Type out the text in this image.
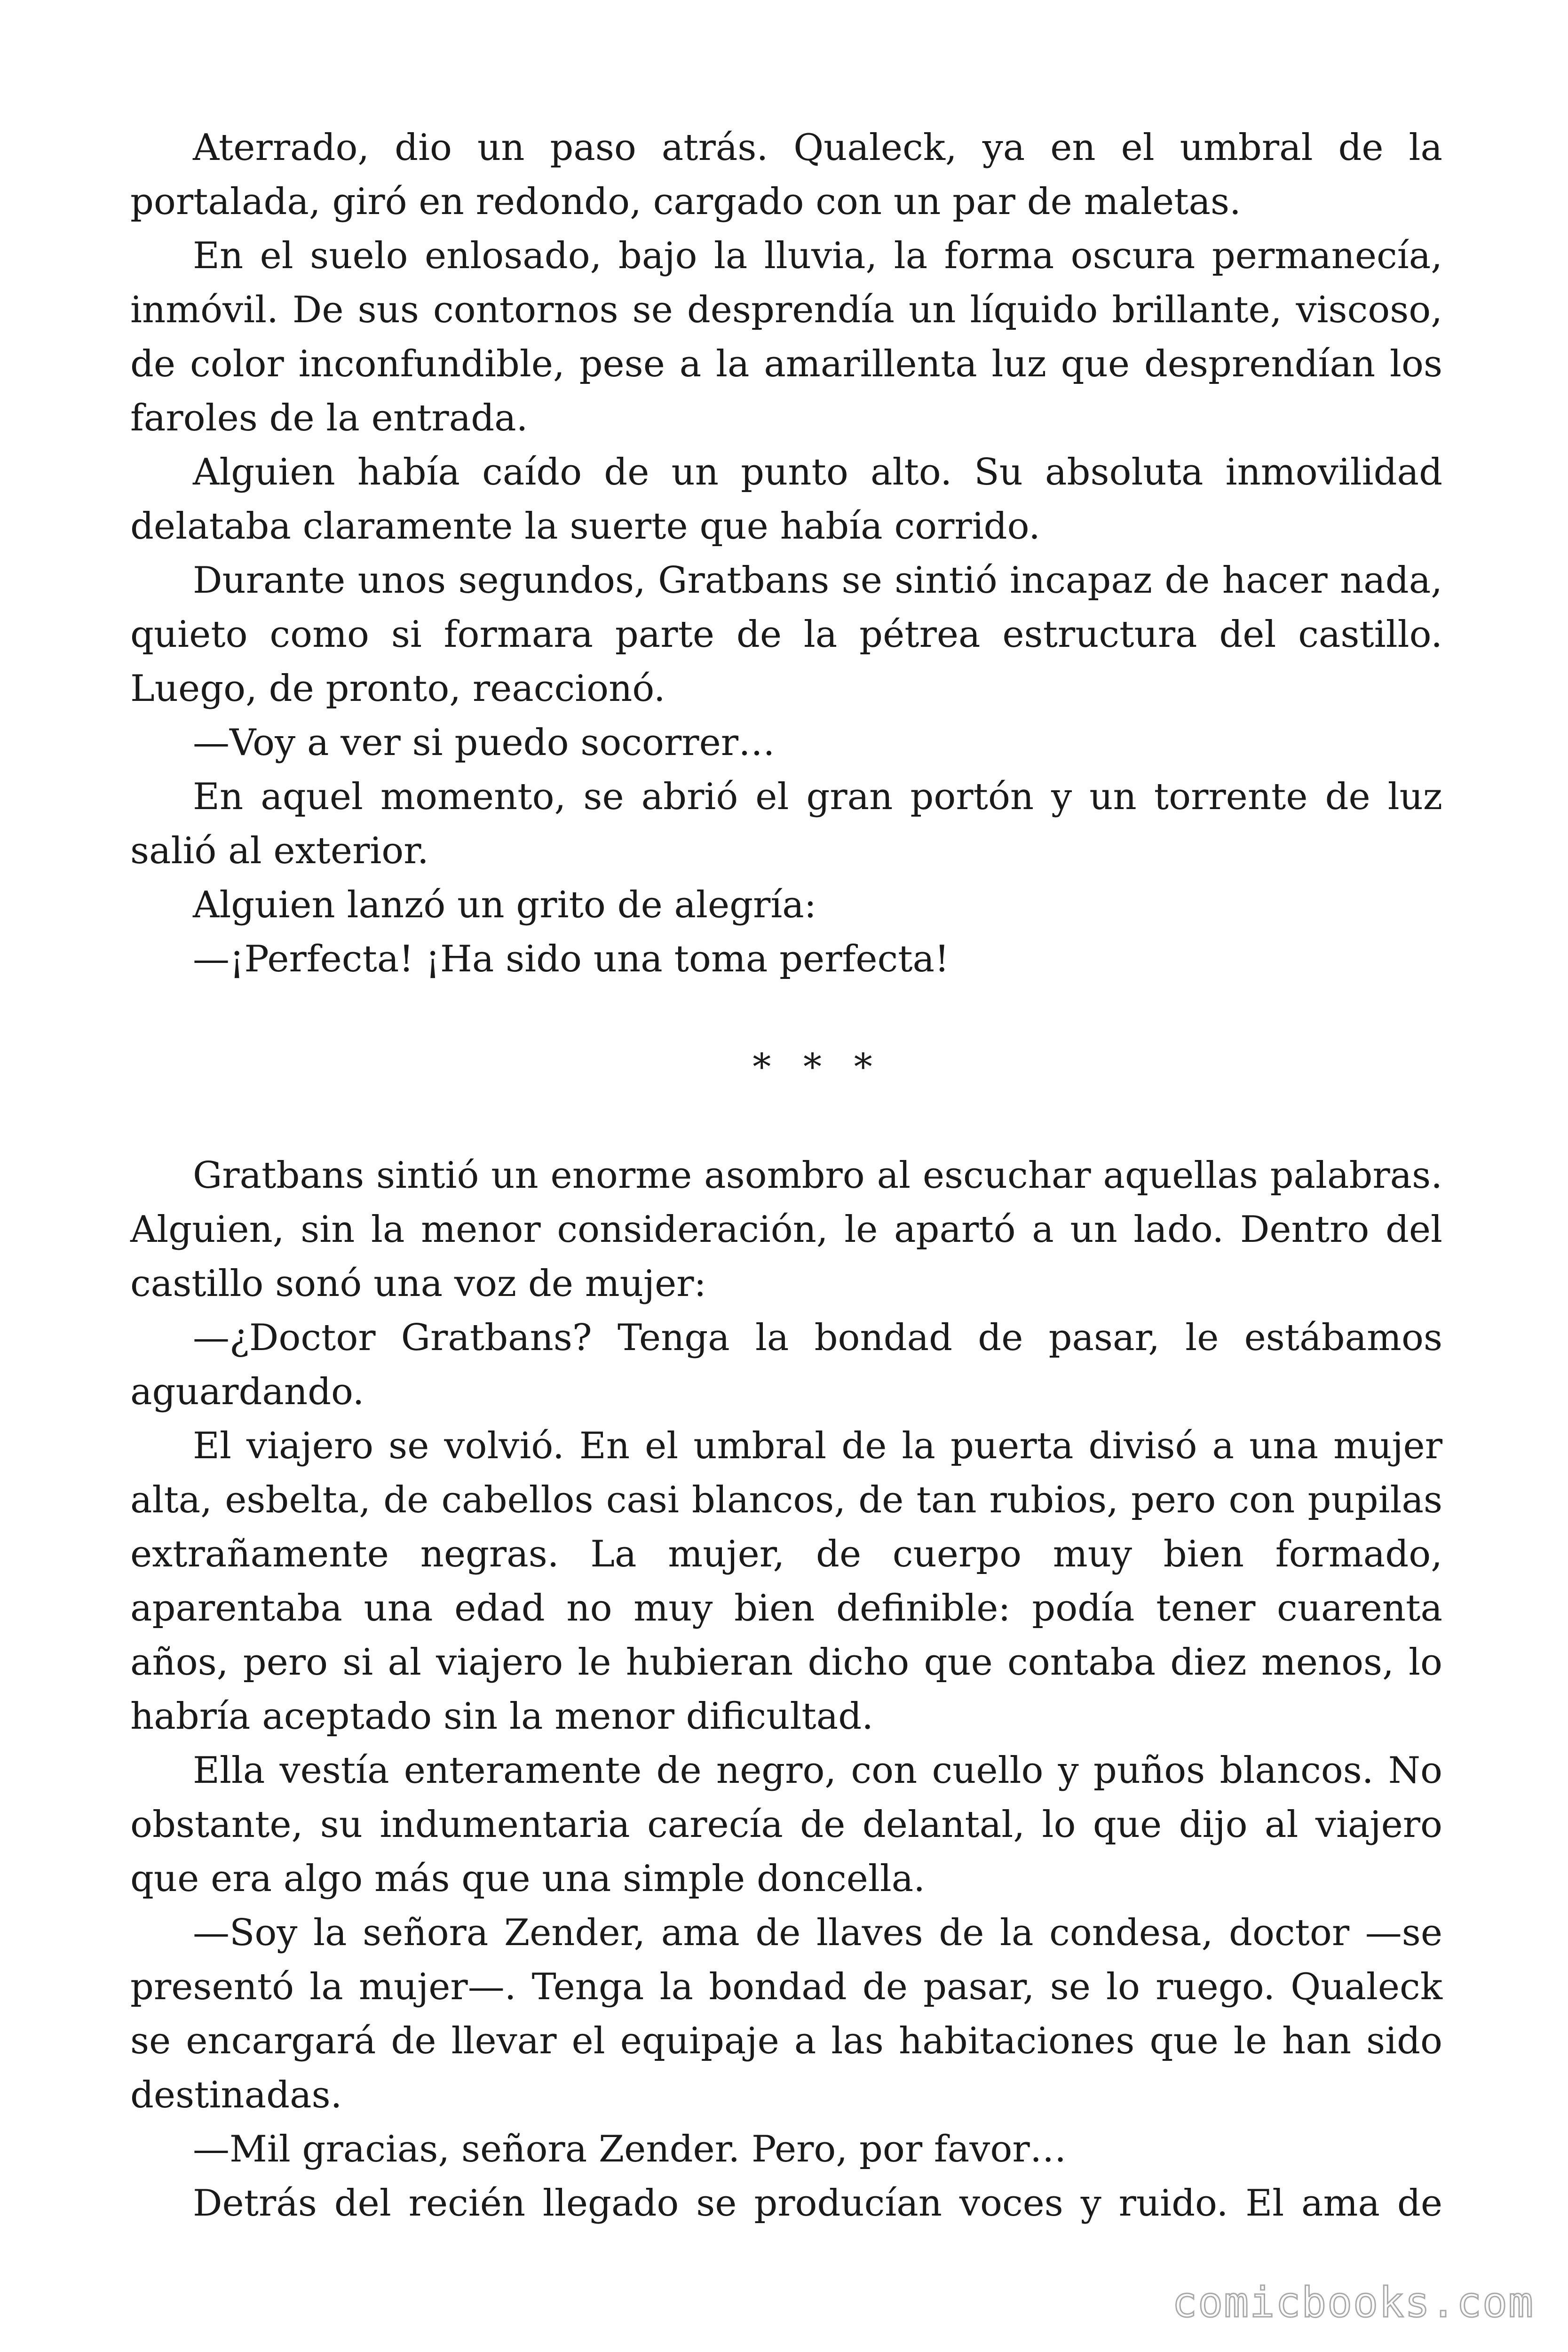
Aterrado, dio un paso atrás. Qualeck, ya en el umbral de la portalada, giró en redondo, cargado con un par de maletas.

En el suelo enlosado, bajo la lluvia, la forma oscura permanecía, inmóvil. De sus contornos se desprendía un líquido brillante, viscoso, de color inconfundible, pese a la amarillenta luz que desprendían los faroles de la entrada.

Alguien había caído de un punto alto. Su absoluta inmovilidad delataba claramente la suerte que había corrido.

Durante unos segundos, Gratbans se sintió incapaz de hacer nada, quieto como si formara parte de la pétrea estructura del castillo. Luego, de pronto, reaccionó.

—Voy a ver si puedo socorrer…

En aquel momento, se abrió el gran portón y un torrente de luz salió al exterior.

Alguien lanzó un grito de alegría:

—¡Perfecta! ¡Ha sido una toma perfecta!

* * *

Gratbans sintió un enorme asombro al escuchar aquellas palabras. Alguien, sin la menor consideración, le apartó a un lado. Dentro del castillo sonó una voz de mujer:

—¿Doctor Gratbans? Tenga la bondad de pasar, le estábamos aguardando.

El viajero se volvió. En el umbral de la puerta divisó a una mujer alta, esbelta, de cabellos casi blancos, de tan rubios, pero con pupilas extrañamente negras. La mujer, de cuerpo muy bien formado, aparentaba una edad no muy bien definible: podía tener cuarenta años, pero si al viajero le hubieran dicho que contaba diez menos, lo habría aceptado sin la menor dificultad.

Ella vestía enteramente de negro, con cuello y puños blancos. No obstante, su indumentaria carecía de delantal, lo que dijo al viajero que era algo más que una simple doncella.

—Soy la señora Zender, ama de llaves de la condesa, doctor —se presentó la mujer—. Tenga la bondad de pasar, se lo ruego. Qualeck se encargará de llevar el equipaje a las habitaciones que le han sido destinadas.

—Mil gracias, señora Zender. Pero, por favor…

Detrás del recién llegado se producían voces y ruido. El ama de

comicbooks.com
